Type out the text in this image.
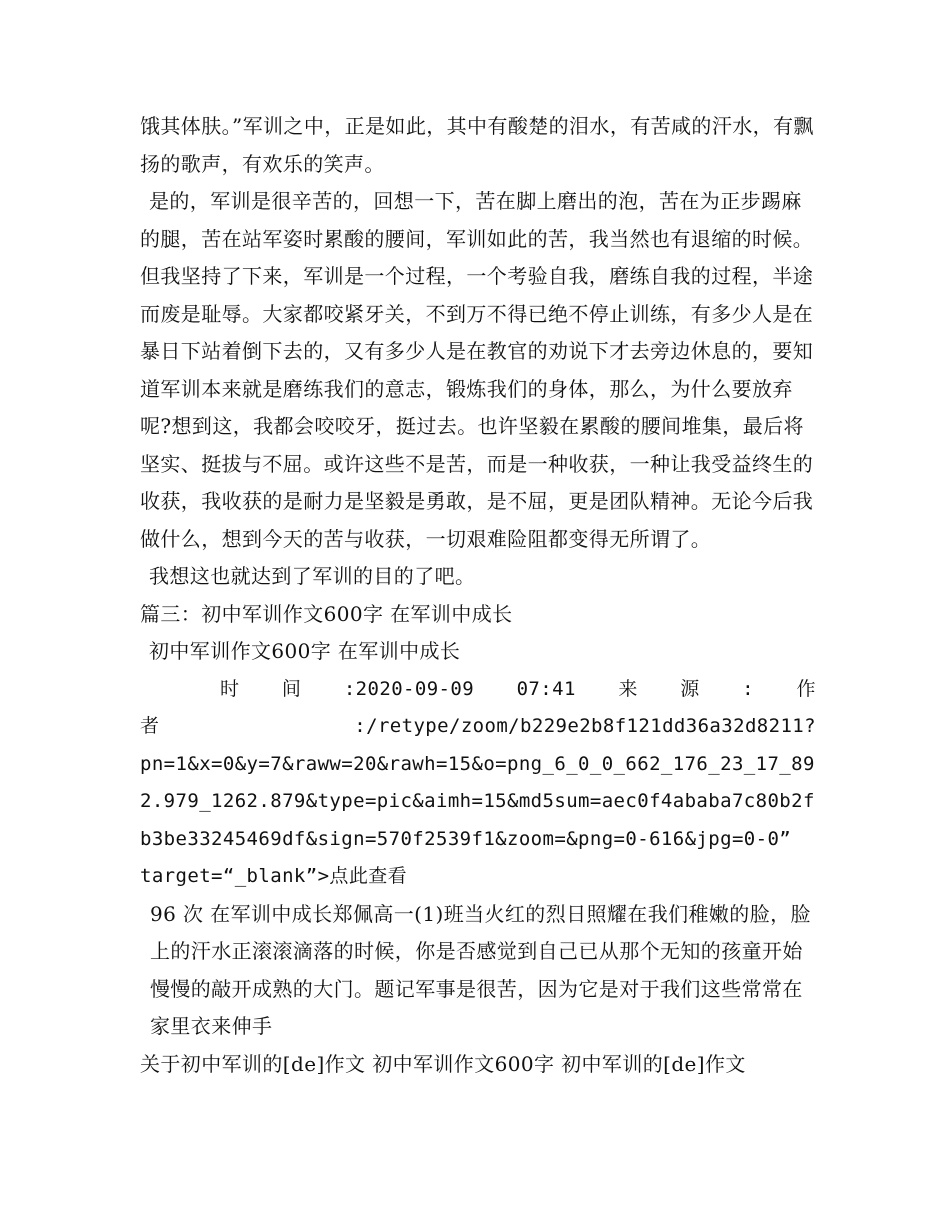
饿其体肤。”军训之中，正是如此，其中有酸楚的泪水，有苦咸的汗水，有飘扬的歌声，有欢乐的笑声。

是的，军训是很辛苦的，回想一下，苦在脚上磨出的泡，苦在为正步踢麻的腿，苦在站军姿时累酸的腰间，军训如此的苦，我当然也有退缩的时候。但我坚持了下来，军训是一个过程，一个考验自我，磨练自我的过程，半途而废是耻辱。大家都咬紧牙关，不到万不得已绝不停止训练，有多少人是在暴日下站着倒下去的，又有多少人是在教官的劝说下才去旁边休息的，要知道军训本来就是磨练我们的意志，锻炼我们的身体，那么，为什么要放弃呢?想到这，我都会咬咬牙，挺过去。也许坚毅在累酸的腰间堆集，最后将坚实、挺拔与不屈。或许这些不是苦，而是一种收获，一种让我受益终生的收获，我收获的是耐力是坚毅是勇敢，是不屈，更是团队精神。无论今后我做什么，想到今天的苦与收获，一切艰难险阻都变得无所谓了。

我想这也就达到了军训的目的了吧。

篇三：初中军训作文600字 在军训中成长

初中军训作文600字 在军训中成长

时 间 :2020-09-09 07:41 来 源 : 作
者	:/retype/zoom/b229e2b8f121dd36a32d8211?

pn=1&x=0&y=7&raww=20&rawh=15&o=png_6_0_0_662_176_23_17_892.979_1262.879&type=pic&aimh=15&md5sum=aec0f4ababa7c80b2fb3be33245469df&sign=570f2539f1&zoom=&png=0-616&jpg=0-0”

target=“_blank”>点此查看

96 次 在军训中成长郑佩高一(1)班当火红的烈日照耀在我们稚嫩的脸，脸上的汗水正滚滚滴落的时候，你是否感觉到自己已从那个无知的孩童开始慢慢的敲开成熟的大门。题记军事是很苦，因为它是对于我们这些常常在家里衣来伸手

关于初中军训的[de]作文 初中军训作文600字 初中军训的[de]作文
